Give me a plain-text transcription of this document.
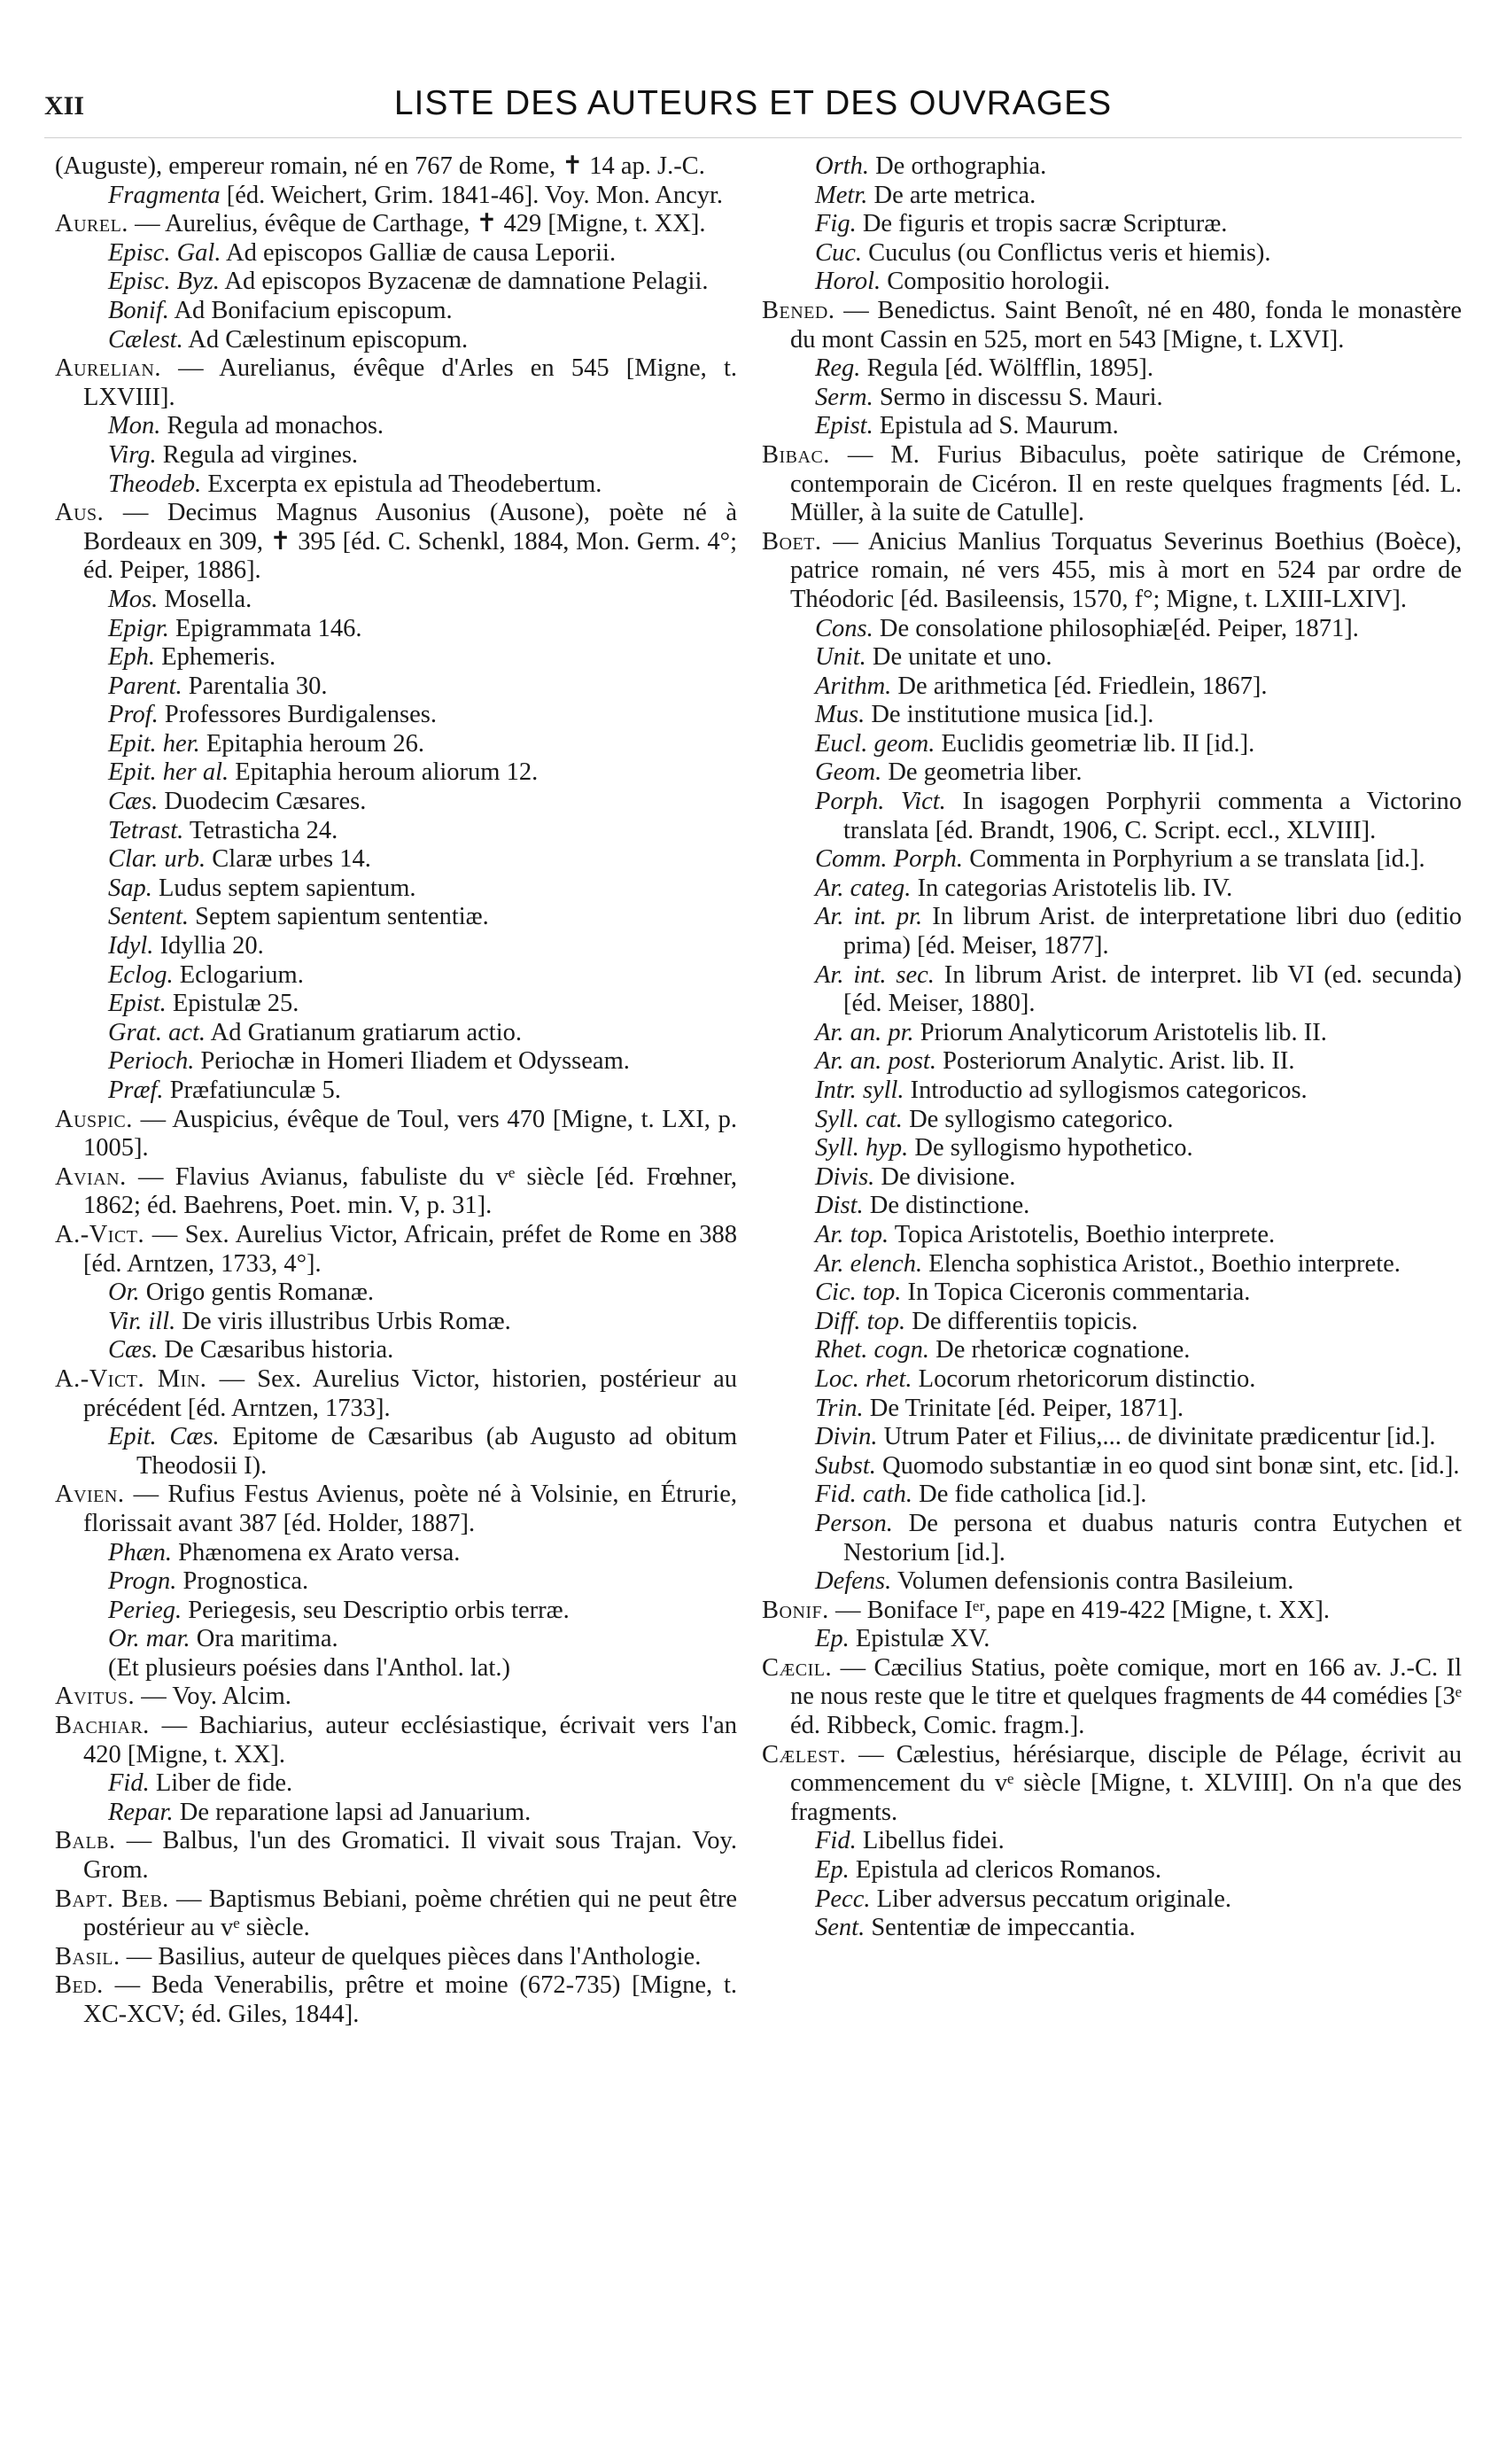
XII	LISTE DES AUTEURS ET DES OUVRAGES

(Auguste), empereur romain, né en 767 de Rome, ✝ 14 ap. J.-C.

Fragmenta [éd. Weichert, Grim. 1841-46]. Voy. Mon. Ancyr.

Aurel. — Aurelius, évêque de Carthage, ✝ 429 [Migne, t. XX].

Episc. Gal. Ad episcopos Galliæ de causa Leporii.

Episc. Byz. Ad episcopos Byzacenæ de damnatione Pelagii.

Bonif. Ad Bonifacium episcopum.

Cælest. Ad Cælestinum episcopum.

Aurelian. — Aurelianus, évêque d'Arles en 545 [Migne, t. LXVIII].

Mon. Regula ad monachos.

Virg. Regula ad virgines.

Theodeb. Excerpta ex epistula ad Theodebertum.

Aus. — Decimus Magnus Ausonius (Ausone), poète né à Bordeaux en 309, ✝ 395 [éd. C. Schenkl, 1884, Mon. Germ. 4°; éd. Peiper, 1886].

Mos. Mosella.

Epigr. Epigrammata 146.

Eph. Ephemeris.

Parent. Parentalia 30.

Prof. Professores Burdigalenses.

Epit. her. Epitaphia heroum 26.

Epit. her al. Epitaphia heroum aliorum 12.

Cæs. Duodecim Cæsares.

Tetrast. Tetrasticha 24.

Clar. urb. Claræ urbes 14.

Sap. Ludus septem sapientum.

Sentent. Septem sapientum sententiæ.

Idyl. Idyllia 20.

Eclog. Eclogarium.

Epist. Epistulæ 25.

Grat. act. Ad Gratianum gratiarum actio.

Perioch. Periochæ in Homeri Iliadem et Odysseam.

Præf. Præfatiunculæ 5.

Auspic. — Auspicius, évêque de Toul, vers 470 [Migne, t. LXI, p. 1005].

Avian. — Flavius Avianus, fabuliste du vᵉ siècle [éd. Frœhner, 1862; éd. Baehrens, Poet. min. V, p. 31].

A.-Vict. — Sex. Aurelius Victor, Africain, préfet de Rome en 388 [éd. Arntzen, 1733, 4°].

Or. Origo gentis Romanæ.

Vir. ill. De viris illustribus Urbis Romæ.

Cæs. De Cæsaribus historia.

A.-Vict. Min. — Sex. Aurelius Victor, historien, postérieur au précédent [éd. Arntzen, 1733].

Epit. Cæs. Epitome de Cæsaribus (ab Augusto ad obitum Theodosii I).

Avien. — Rufius Festus Avienus, poète né à Volsinie, en Étrurie, florissait avant 387 [éd. Holder, 1887].

Phæn. Phænomena ex Arato versa.

Progn. Prognostica.

Perieg. Periegesis, seu Descriptio orbis terræ.

Or. mar. Ora maritima.

(Et plusieurs poésies dans l'Anthol. lat.)

Avitus. — Voy. Alcim.

Bachiar. — Bachiarius, auteur ecclésiastique, écrivait vers l'an 420 [Migne, t. XX].

Fid. Liber de fide.

Repar. De reparatione lapsi ad Januarium.

Balb. — Balbus, l'un des Gromatici. Il vivait sous Trajan. Voy. Grom.

Bapt. Beb. — Baptismus Bebiani, poème chrétien qui ne peut être postérieur au vᵉ siècle.

Basil. — Basilius, auteur de quelques pièces dans l'Anthologie.

Bed. — Beda Venerabilis, prêtre et moine (672-735) [Migne, t. XC-XCV; éd. Giles, 1844].

Orth. De orthographia.

Metr. De arte metrica.

Fig. De figuris et tropis sacræ Scripturæ.

Cuc. Cuculus (ou Conflictus veris et hiemis).

Horol. Compositio horologii.

Bened. — Benedictus. Saint Benoît, né en 480, fonda le monastère du mont Cassin en 525, mort en 543 [Migne, t. LXVI].

Reg. Regula [éd. Wölfflin, 1895].

Serm. Sermo in discessu S. Mauri.

Epist. Epistula ad S. Maurum.

Bibac. — M. Furius Bibaculus, poète satirique de Crémone, contemporain de Cicéron. Il en reste quelques fragments [éd. L. Müller, à la suite de Catulle].

Boet. — Anicius Manlius Torquatus Severinus Boethius (Boèce), patrice romain, né vers 455, mis à mort en 524 par ordre de Théodoric [éd. Basileensis, 1570, f°; Migne, t. LXIII-LXIV].

Cons. De consolatione philosophiæ[éd. Peiper, 1871].

Unit. De unitate et uno.

Arithm. De arithmetica [éd. Friedlein, 1867].

Mus. De institutione musica [id.].

Eucl. geom. Euclidis geometriæ lib. II [id.].

Geom. De geometria liber.

Porph. Vict. In isagogen Porphyrii commenta a Victorino translata [éd. Brandt, 1906, C. Script. eccl., XLVIII].

Comm. Porph. Commenta in Porphyrium a se translata [id.].

Ar. categ. In categorias Aristotelis lib. IV.

Ar. int. pr. In librum Arist. de interpretatione libri duo (editio prima) [éd. Meiser, 1877].

Ar. int. sec. In librum Arist. de interpret. lib VI (ed. secunda) [éd. Meiser, 1880].

Ar. an. pr. Priorum Analyticorum Aristotelis lib. II.

Ar. an. post. Posteriorum Analytic. Arist. lib. II.

Intr. syll. Introductio ad syllogismos categoricos.

Syll. cat. De syllogismo categorico.

Syll. hyp. De syllogismo hypothetico.

Divis. De divisione.

Dist. De distinctione.

Ar. top. Topica Aristotelis, Boethio interprete.

Ar. elench. Elencha sophistica Aristot., Boethio interprete.

Cic. top. In Topica Ciceronis commentaria.

Diff. top. De differentiis topicis.

Rhet. cogn. De rhetoricæ cognatione.

Loc. rhet. Locorum rhetoricorum distinctio.

Trin. De Trinitate [éd. Peiper, 1871].

Divin. Utrum Pater et Filius,... de divinitate prædicentur [id.].

Subst. Quomodo substantiæ in eo quod sint bonæ sint, etc. [id.].

Fid. cath. De fide catholica [id.].

Person. De persona et duabus naturis contra Eutychen et Nestorium [id.].

Defens. Volumen defensionis contra Basileium.

Bonif. — Boniface Iᵉʳ, pape en 419-422 [Migne, t. XX].

Ep. Epistulæ XV.

Cæcil. — Cæcilius Statius, poète comique, mort en 166 av. J.-C. Il ne nous reste que le titre et quelques fragments de 44 comédies [3ᵉ éd. Ribbeck, Comic. fragm.].

Cælest. — Cælestius, hérésiarque, disciple de Pélage, écrivit au commencement du vᵉ siècle [Migne, t. XLVIII]. On n'a que des fragments.

Fid. Libellus fidei.

Ep. Epistula ad clericos Romanos.

Pecc. Liber adversus peccatum originale.

Sent. Sententiæ de impeccantia.
